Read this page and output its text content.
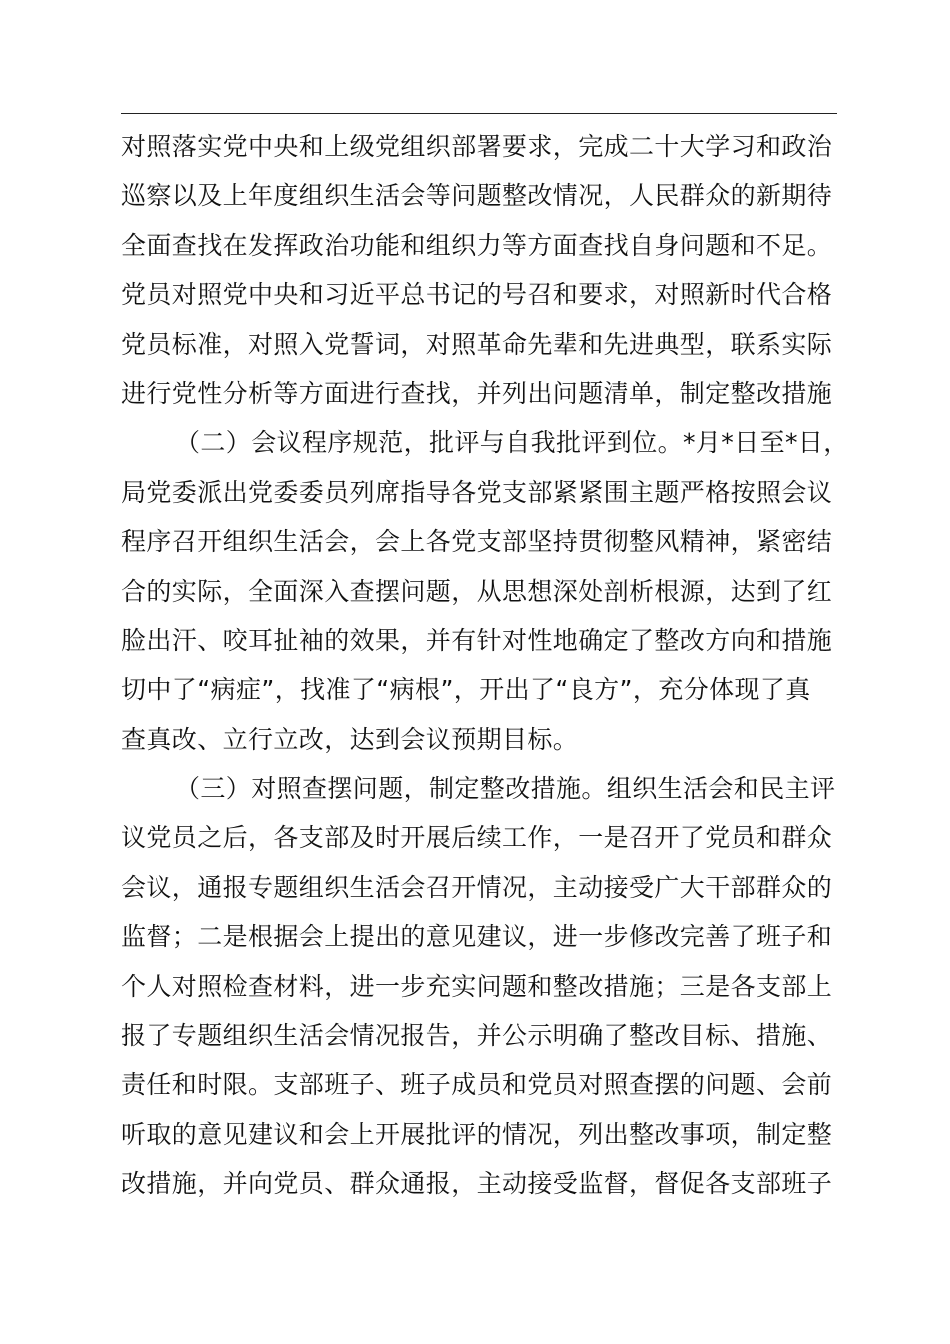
对照落实党中央和上级党组织部署要求，完成二十大学习和政治
巡察以及上年度组织生活会等问题整改情况，人民群众的新期待
全面查找在发挥政治功能和组织力等方面查找自身问题和不足。
党员对照党中央和习近平总书记的号召和要求，对照新时代合格
党员标准，对照入党誓词，对照革命先辈和先进典型，联系实际
进行党性分析等方面进行查找，并列出问题清单，制定整改措施
（二）会议程序规范，批评与自我批评到位。*月*日至*日，
局党委派出党委委员列席指导各党支部紧紧围主题严格按照会议
程序召开组织生活会，会上各党支部坚持贯彻整风精神，紧密结
合的实际，全面深入查摆问题，从思想深处剖析根源，达到了红
脸出汗、咬耳扯袖的效果，并有针对性地确定了整改方向和措施
切中了“病症”，找准了“病根”，开出了“良方”，充分体现了真
查真改、立行立改，达到会议预期目标。
（三）对照查摆问题，制定整改措施。组织生活会和民主评
议党员之后，各支部及时开展后续工作，一是召开了党员和群众
会议，通报专题组织生活会召开情况，主动接受广大干部群众的
监督；二是根据会上提出的意见建议，进一步修改完善了班子和
个人对照检查材料，进一步充实问题和整改措施；三是各支部上
报了专题组织生活会情况报告，并公示明确了整改目标、措施、
责任和时限。支部班子、班子成员和党员对照查摆的问题、会前
听取的意见建议和会上开展批评的情况，列出整改事项，制定整
改措施，并向党员、群众通报，主动接受监督，督促各支部班子
